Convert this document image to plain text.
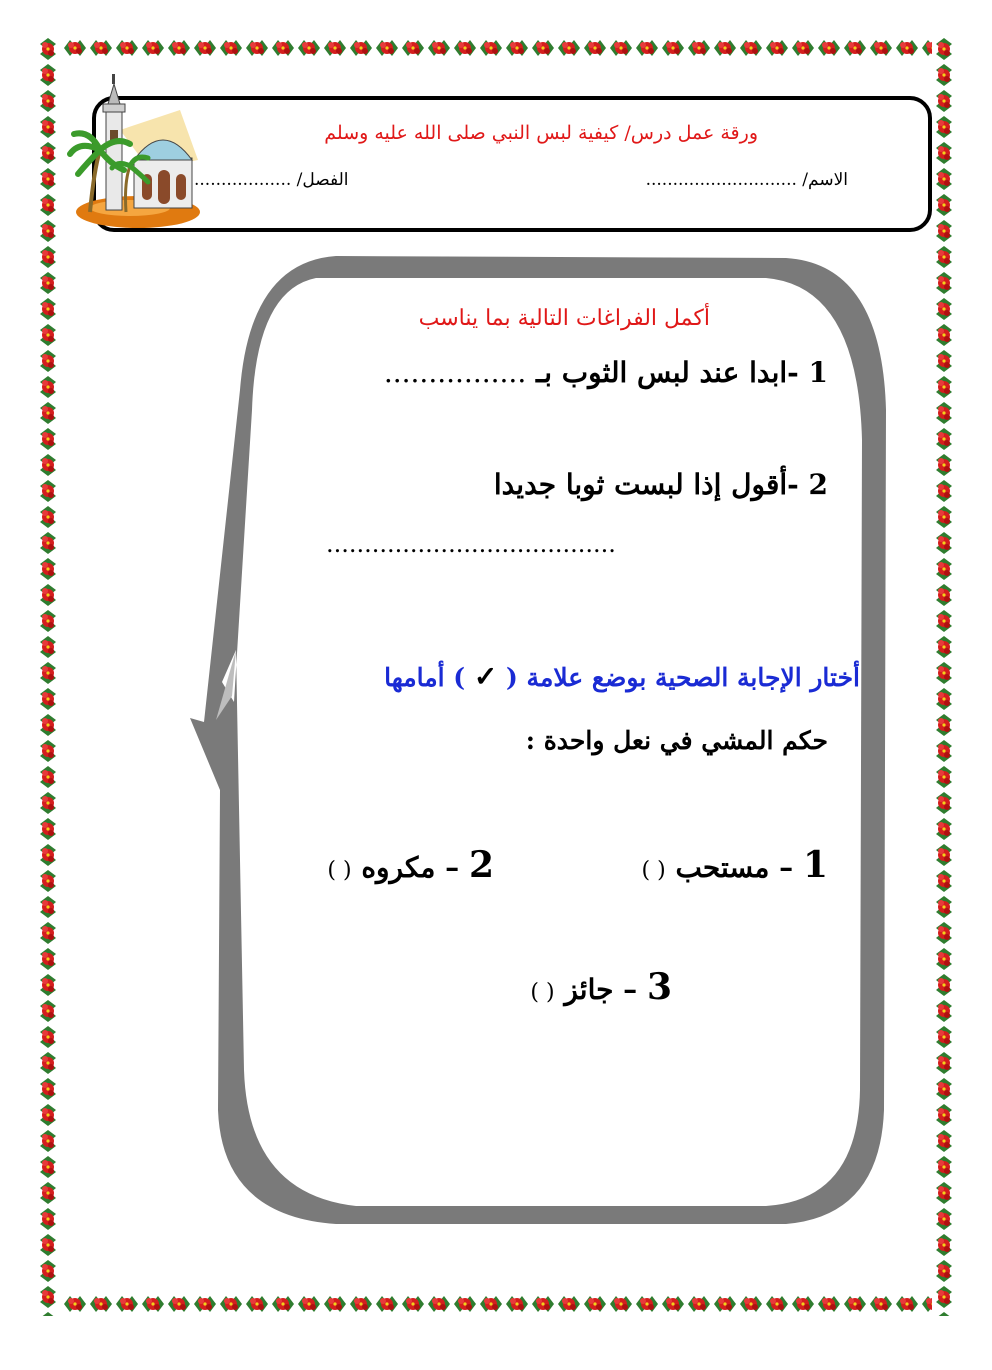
ورقة عمل درس/ كيفية لبس النبي صلى الله عليه وسلم
الاسم/ ............................
الفصل/ ..................
أكمل الفراغات التالية بما يناسب
1 -ابدا عند لبس الثوب بـ ................
2 -أقول إذا لبست ثوبا جديدا
......................................
أختار الإجابة الصحية بوضع علامة ( ✓ ) أمامها
حكم المشي في نعل واحدة :
1 – مستحب ( )
2 – مكروه ( )
3 – جائز ( )
